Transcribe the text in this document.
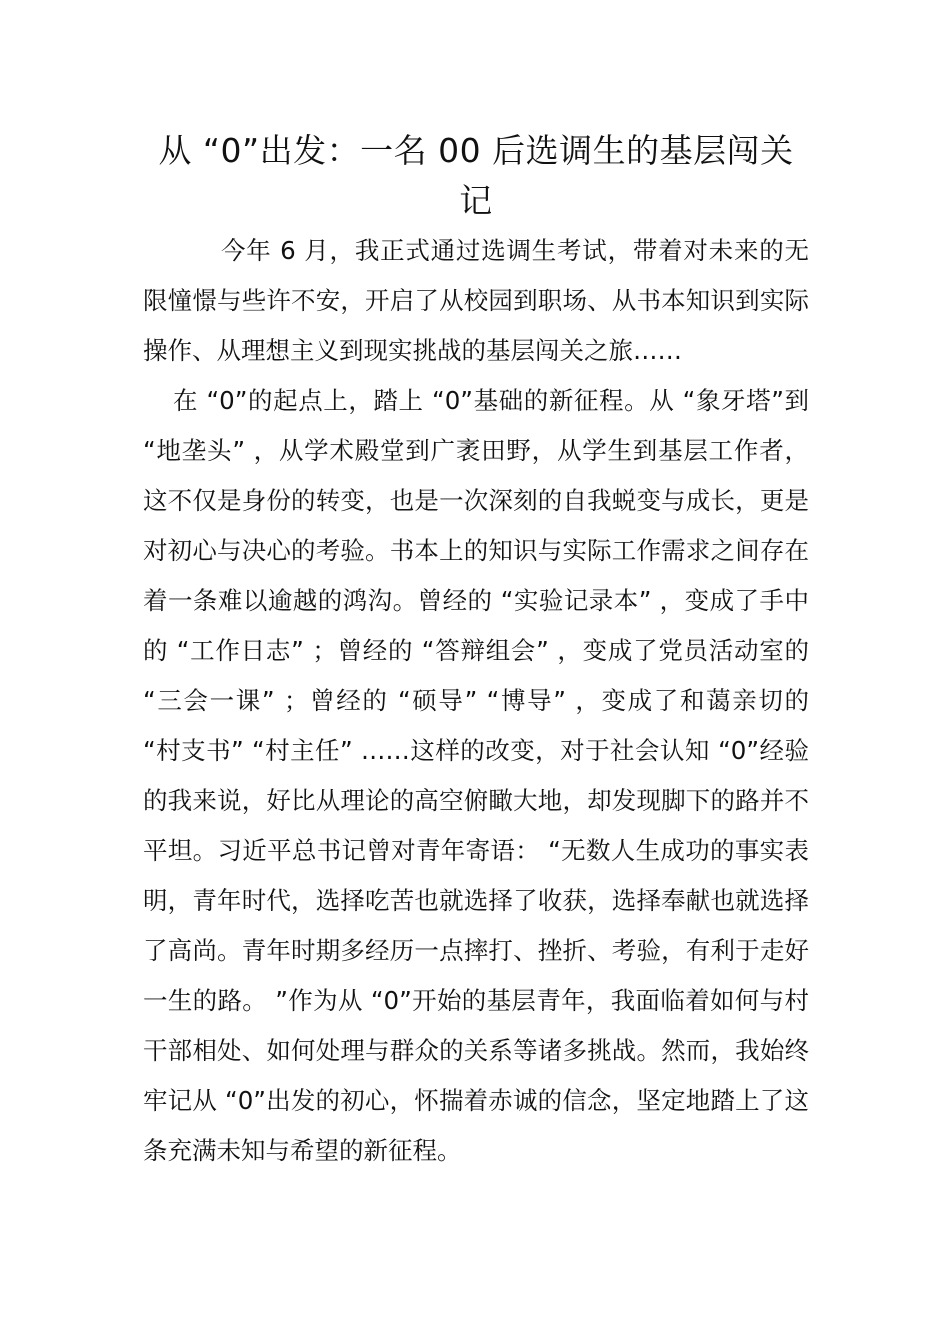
从 “0”出发：一名 00 后选调生的基层闯关记

今年 6 月，我正式通过选调生考试，带着对未来的无限憧憬与些许不安，开启了从校园到职场、从书本知识到实际操作、从理想主义到现实挑战的基层闯关之旅……

在 “0”的起点上，踏上 “0”基础的新征程。从 “象牙塔”到 “地垄头” ，从学术殿堂到广袤田野，从学生到基层工作者，这不仅是身份的转变，也是一次深刻的自我蜕变与成长，更是对初心与决心的考验。书本上的知识与实际工作需求之间存在着一条难以逾越的鸿沟。曾经的 “实验记录本” ，变成了手中的 “工作日志” ；曾经的 “答辩组会” ，变成了党员活动室的 “三会一课” ；曾经的 “硕导” “博导” ，变成了和蔼亲切的 “村支书” “村主任” ……这样的改变，对于社会认知 “0”经验的我来说，好比从理论的高空俯瞰大地，却发现脚下的路并不平坦。习近平总书记曾对青年寄语： “无数人生成功的事实表明，青年时代，选择吃苦也就选择了收获，选择奉献也就选择了高尚。青年时期多经历一点摔打、挫折、考验，有利于走好一生的路。 ”作为从 “0”开始的基层青年，我面临着如何与村干部相处、如何处理与群众的关系等诸多挑战。然而，我始终牢记从 “0”出发的初心，怀揣着赤诚的信念，坚定地踏上了这条充满未知与希望的新征程。
